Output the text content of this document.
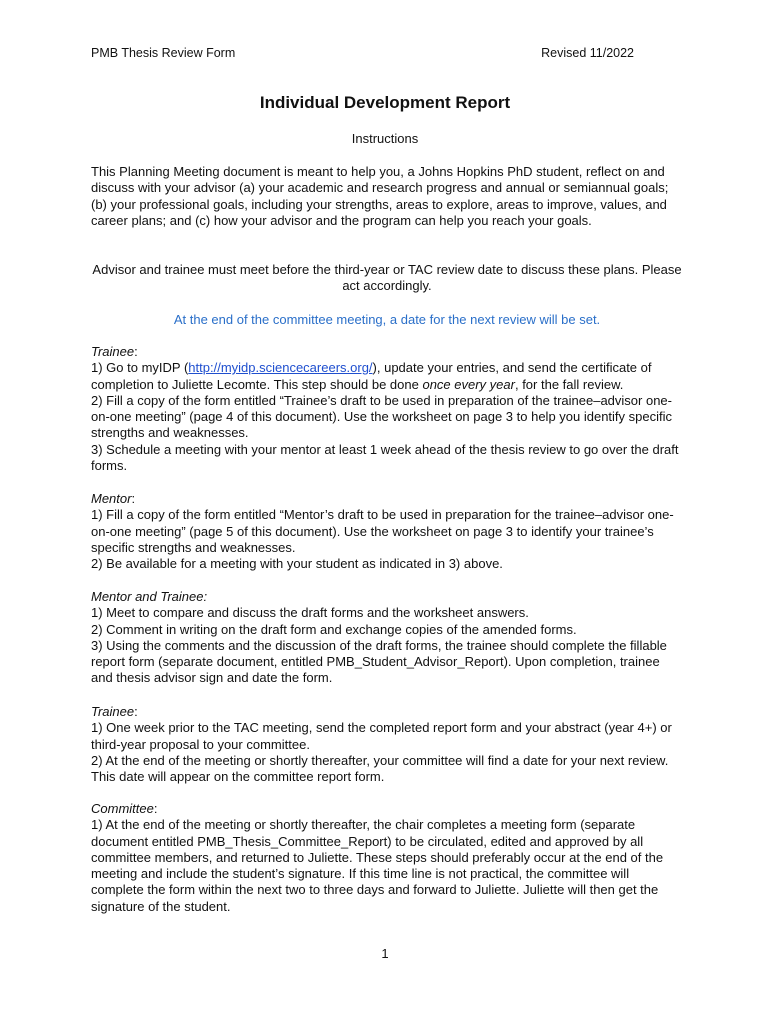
PMB Thesis Review Form	Revised 11/2022
Individual Development Report
Instructions
This Planning Meeting document is meant to help you, a Johns Hopkins PhD student, reflect on and discuss with your advisor (a) your academic and research progress and annual or semiannual goals; (b) your professional goals, including your strengths, areas to explore, areas to improve, values, and career plans; and (c) how your advisor and the program can help you reach your goals.
Advisor and trainee must meet before the third-year or TAC review date to discuss these plans. Please act accordingly.
At the end of the committee meeting, a date for the next review will be set.

Trainee:

1) Go to myIDP (http://myidp.sciencecareers.org/), update your entries, and send the certificate of completion to Juliette Lecomte. This step should be done once every year, for the fall review.

2) Fill a copy of the form entitled “Trainee’s draft to be used in preparation of the trainee–advisor one-on-one meeting” (page 4 of this document). Use the worksheet on page 3 to help you identify specific strengths and weaknesses.

3) Schedule a meeting with your mentor at least 1 week ahead of the thesis review to go over the draft forms.

Mentor:

1) Fill a copy of the form entitled “Mentor’s draft to be used in preparation for the trainee–advisor one-on-one meeting” (page 5 of this document). Use the worksheet on page 3 to identify your trainee’s specific strengths and weaknesses.

2) Be available for a meeting with your student as indicated in 3) above.

Mentor and Trainee:

1) Meet to compare and discuss the draft forms and the worksheet answers.

2) Comment in writing on the draft form and exchange copies of the amended forms.

3) Using the comments and the discussion of the draft forms, the trainee should complete the fillable report form (separate document, entitled PMB_Student_Advisor_Report). Upon completion, trainee and thesis advisor sign and date the form.

Trainee:

1) One week prior to the TAC meeting, send the completed report form and your abstract (year 4+) or third-year proposal to your committee.

2) At the end of the meeting or shortly thereafter, your committee will find a date for your next review. This date will appear on the committee report form.

Committee:

1) At the end of the meeting or shortly thereafter, the chair completes a meeting form (separate document entitled PMB_Thesis_Committee_Report) to be circulated, edited and approved by all committee members, and returned to Juliette. These steps should preferably occur at the end of the meeting and include the student’s signature. If this time line is not practical, the committee will complete the form within the next two to three days and forward to Juliette. Juliette will then get the signature of the student.

1
